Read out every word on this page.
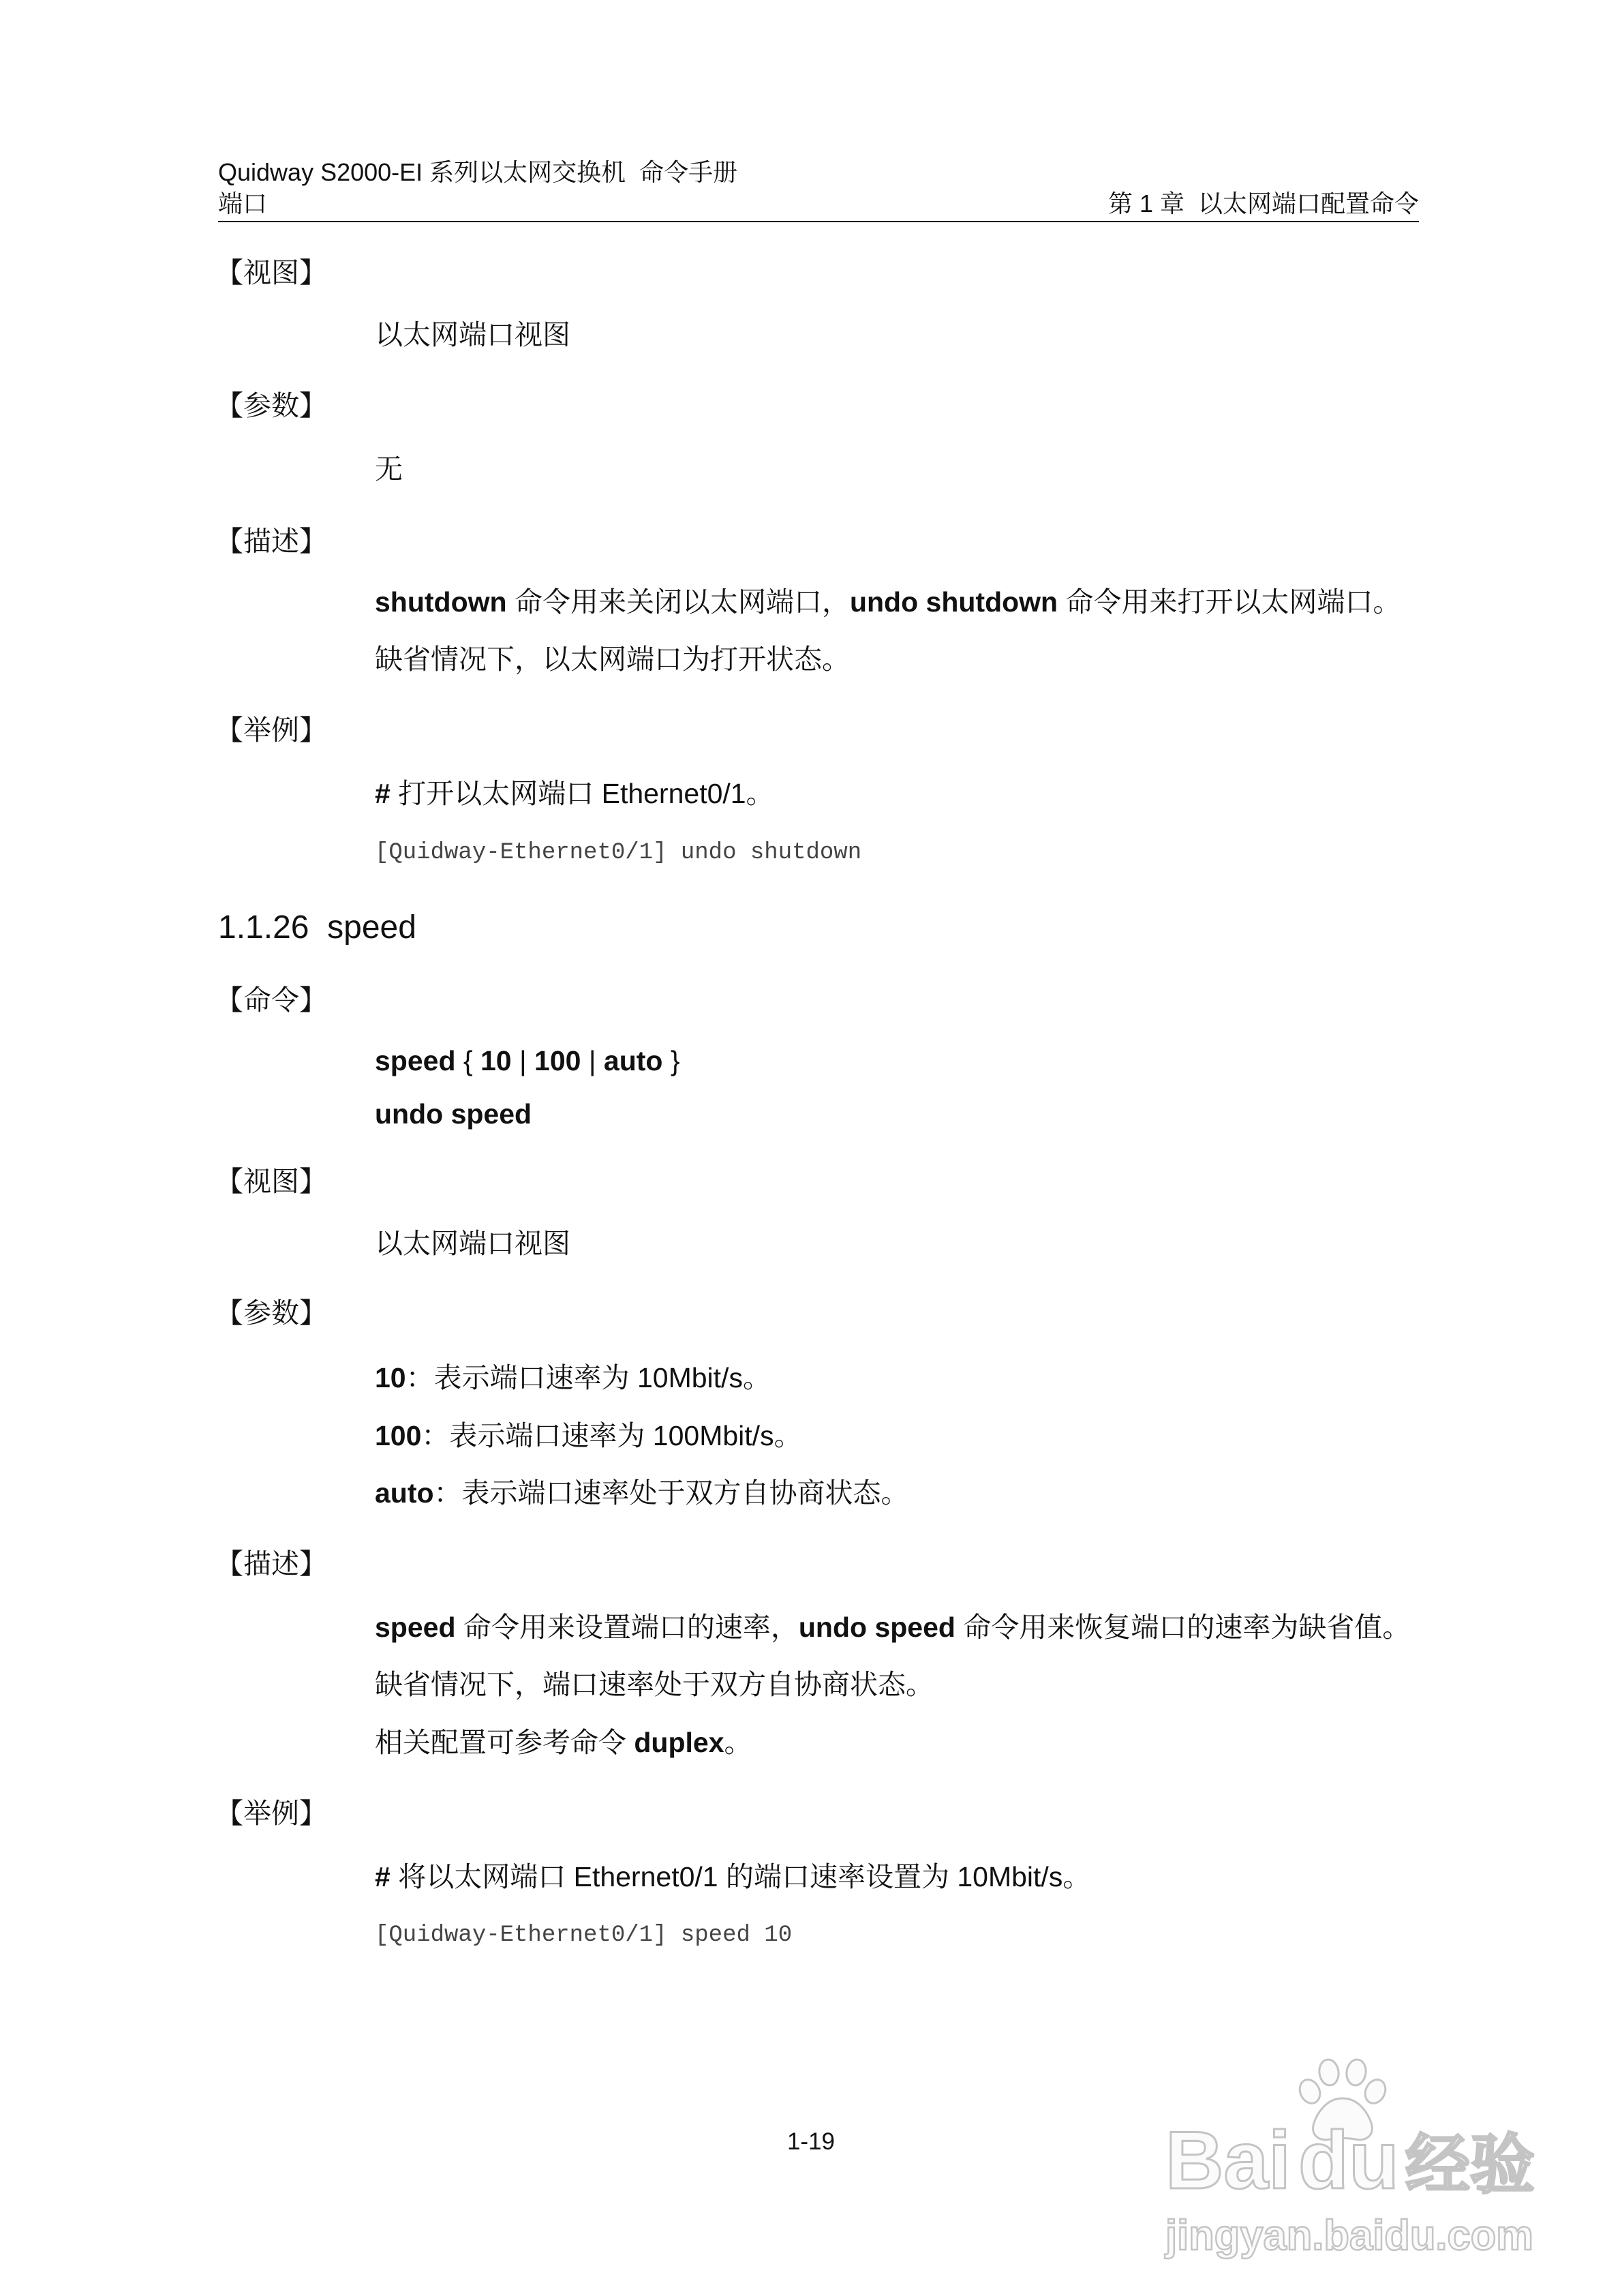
Quidway S2000-EI 系列以太网交换机  命令手册
端口	第 1 章  以太网端口配置命令
【视图】
以太网端口视图
【参数】
无
【描述】
shutdown 命令用来关闭以太网端口，undo shutdown 命令用来打开以太网端口。
缺省情况下，以太网端口为打开状态。
【举例】
# 打开以太网端口 Ethernet0/1。
[Quidway-Ethernet0/1] undo shutdown
1.1.26  speed
【命令】
speed { 10 | 100 | auto }
undo speed
【视图】
以太网端口视图
【参数】
10：表示端口速率为 10Mbit/s。
100：表示端口速率为 100Mbit/s。
auto：表示端口速率处于双方自协商状态。
【描述】
speed 命令用来设置端口的速率，undo speed 命令用来恢复端口的速率为缺省值。
缺省情况下，端口速率处于双方自协商状态。
相关配置可参考命令 duplex。
【举例】
# 将以太网端口 Ethernet0/1 的端口速率设置为 10Mbit/s。
[Quidway-Ethernet0/1] speed 10
1-19	Bai du 经验
jingyan.baidu.com
